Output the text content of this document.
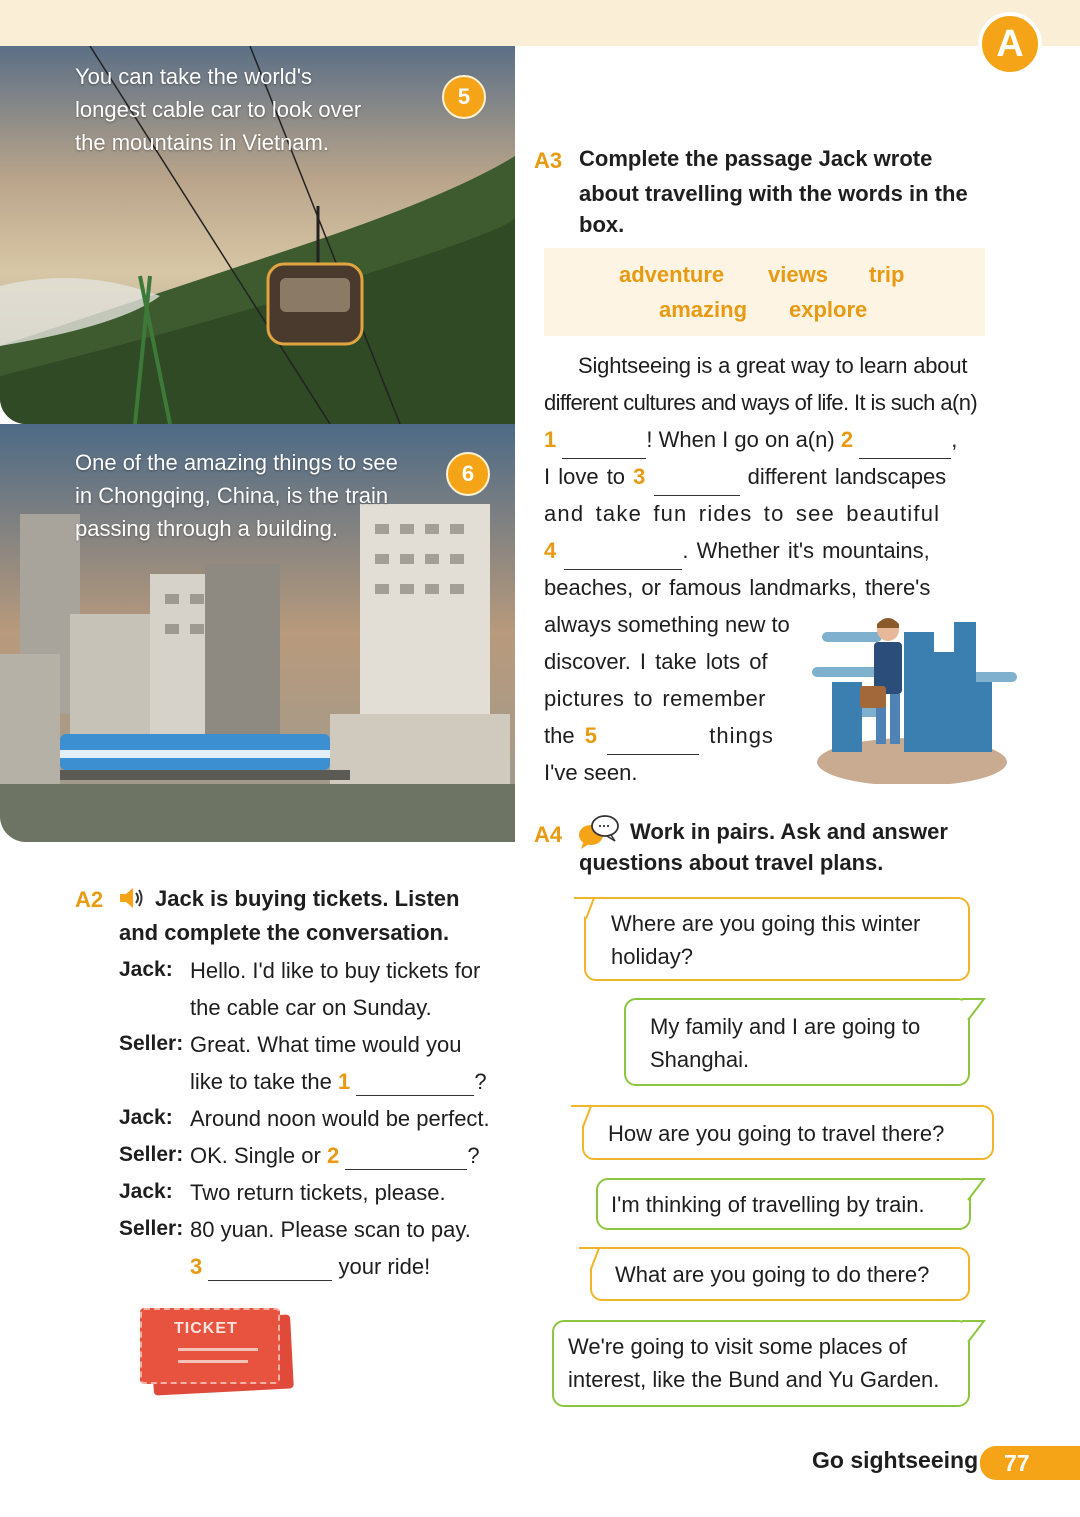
A
You can take the world's
longest cable car to look over
the mountains in Vietnam.
5
One of the amazing things to see
in Chongqing, China, is the train
passing through a building.
6
A2 Jack is buying tickets. Listen
and complete the conversation.
Jack: Hello. I'd like to buy tickets for
the cable car on Sunday.
Seller: Great. What time would you
like to take the 1	?
Jack: Around noon would be perfect.
Seller: OK. Single or 2	?
Jack: Two return tickets, please.
Seller: 80 yuan. Please scan to pay.
3	your ride!
TICKET
A3 Complete the passage Jack wrote
about travelling with the words in the
box.
adventure views trip
amazing explore
Sightseeing is a great way to learn about
different cultures and ways of life. It is such a(n)
1	! When I go on a(n) 2	,
I love to 3	different landscapes
and take fun rides to see beautiful
4	. Whether it's mountains,
beaches, or famous landmarks, there's
always something new to
discover. I take lots of
pictures to remember
the 5	things
I've seen.
A4	Work in pairs. Ask and answer
questions about travel plans.
Where are you going this winter
holiday?
My family and I are going to
Shanghai.
How are you going to travel there?
I'm thinking of travelling by train.
What are you going to do there?
We're going to visit some places of
interest, like the Bund and Yu Garden.
Go sightseeing	77
